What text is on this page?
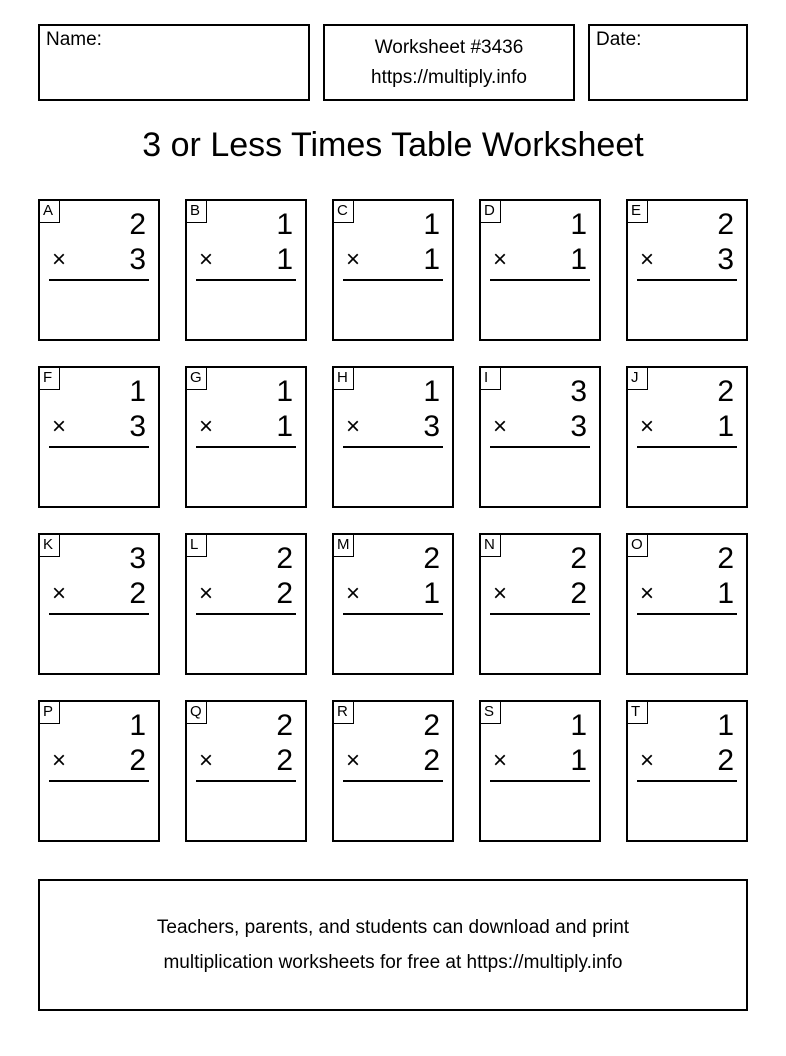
Name:	Worksheet #3436
https://multiply.info
Date:
3 or Less Times Table Worksheet
A	2
× 3
B	1
× 1
C	1
× 1
D	1
× 1
E	2
× 3
F	1
× 3
G 1
× 1
H	1
× 3
I	3
× 3
J	2
× 1
K	3
× 2
L	2
× 2
M 2
× 1
N	2
× 2
O 2
× 1
P	1
× 2
Q 2
× 2
R	2
× 2
S	1
× 1
T	1
× 2
Teachers, parents, and students can download and print
multiplication worksheets for free at https://multiply.info
